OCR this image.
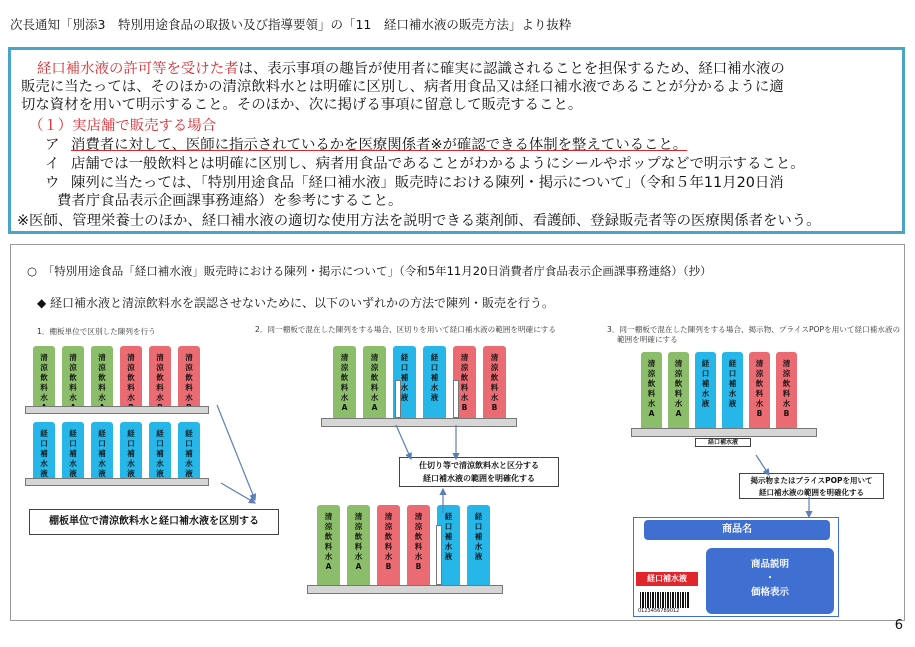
次長通知「別添3　特別用途食品の取扱い及び指導要領」の「11　経口補水液の販売方法」より抜粋
経口補水液の許可等を受けた者は、表示事項の趣旨が使用者に確実に認識されることを担保するため、経口補水液の
販売に当たっては、そのほかの清涼飲料水とは明確に区別し、病者用食品又は経口補水液であることが分かるように適
切な資材を用いて明示すること。そのほか、次に掲げる事項に留意して販売すること。
（１）実店舗で販売する場合
ア 消費者に対して、医師に指示されているかを医療関係者※が確認できる体制を整えていること。
イ 店舗では一般飲料とは明確に区別し、病者用食品であることがわかるようにシールやポップなどで明示すること。
ウ 陳列に当たっては、「特別用途食品「経口補水液」販売時における陳列・掲示について」（令和５年11月20日消
費者庁食品表示企画課事務連絡）を参考にすること。
※医師、管理栄養士のほか、経口補水液の適切な使用方法を説明できる薬剤師、看護師、登録販売者等の医療関係者をいう。
○　「特別用途食品「経口補水液」販売時における陳列・掲示について」（令和5年11月20日消費者庁食品表示企画課事務連絡）（抄）
◆ 経口補水液と清涼飲料水を誤認させないために、以下のいずれかの方法で陳列・販売を行う。
1．棚板単位で区別した陳列を行う
清
涼
飲
料
水
清
涼
飲
料
水
清
涼
飲
料
水
清
涼
飲
料
水
清
涼
飲
料
水
清
涼
飲
料
水
経
口
補
水
液
経
口
補
水
液
経
口
補
水
液
経
口
補
水
液
経
口
補
水
液
経
口
補
水
液
棚板単位で清涼飲料水と経口補水液を区別する
2．同一棚板で混在した陳列をする場合、区切りを用いて経口補水液の範囲を明確にする
清
涼
飲
料
水
A
清
涼
飲
料
水
A
経
口
補
水
液
経
口
補
水
液
清
涼
飲
料
水
B
清
涼
飲
料
水
B
仕切り等で清涼飲料水と区分する
経口補水液の範囲を明確化する
清
涼
飲
料
水
A
清
涼
飲
料
水
A
清
涼
飲
料
水
B
清
涼
飲
料
水
B
経
口
補
水
液
経
口
補
水
液
3．同一棚板で混在した陳列をする場合、掲示物、プライスPOPを用いて経口補水液の
範囲を明確にする
清
涼
飲
料
水
A
清
涼
飲
料
水
A
経
口
補
水
液
経
口
補
水
液
清
涼
飲
料
水
B
清
涼
飲
料
水
B
経口補水液
掲示物またはプライスPOPを用いて
経口補水液の範囲を明確化する
商品名
経口補水液
0123456789012
商品説明
・
価格表示
6
